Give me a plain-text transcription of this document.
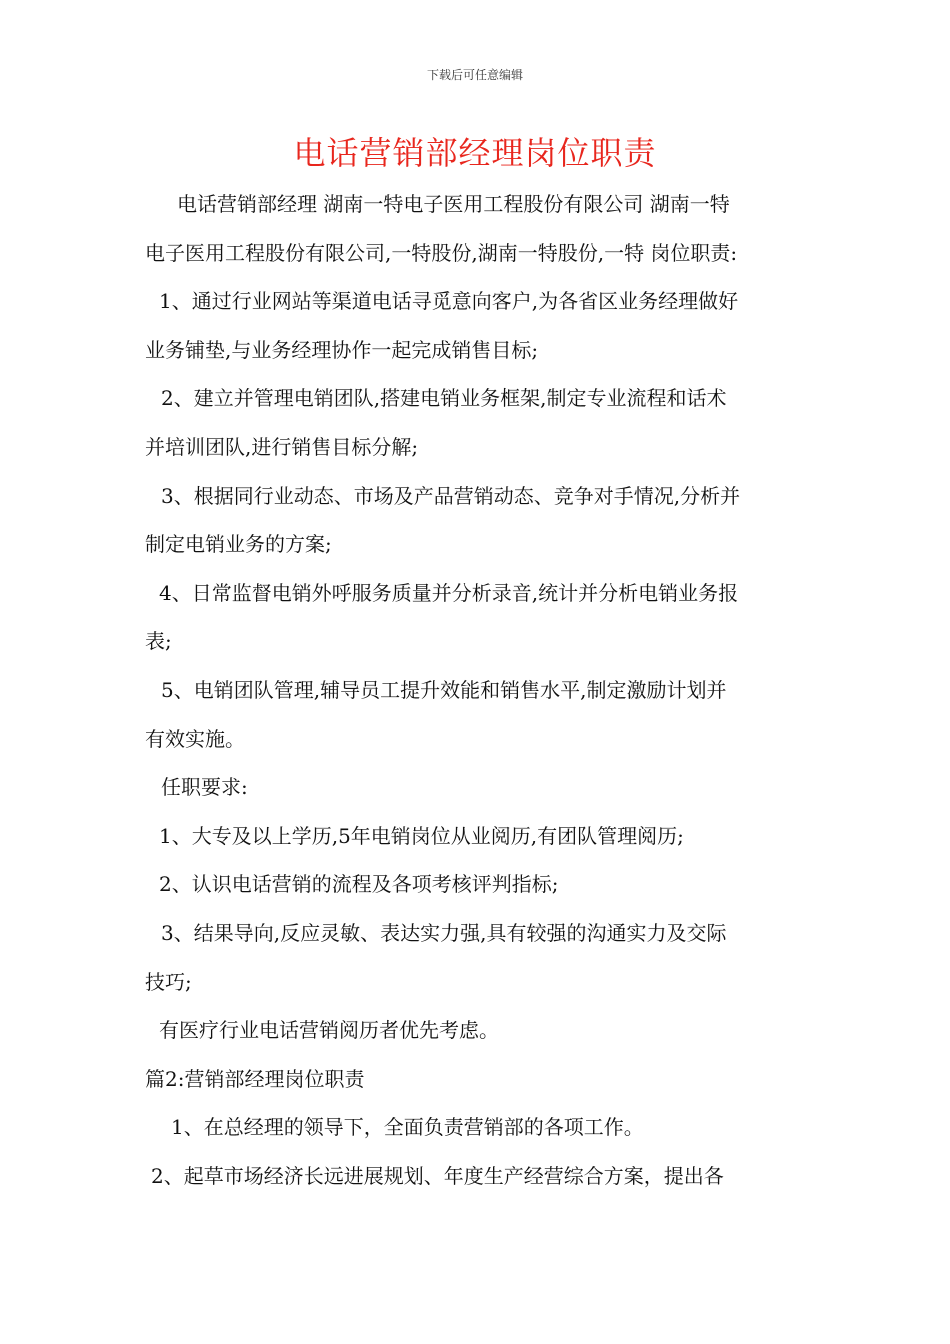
下载后可任意编辑
电话营销部经理岗位职责
电话营销部经理 湖南一特电子医用工程股份有限公司 湖南一特
电子医用工程股份有限公司,一特股份,湖南一特股份,一特 岗位职责:
1、通过行业网站等渠道电话寻觅意向客户,为各省区业务经理做好
业务铺垫,与业务经理协作一起完成销售目标;
2、建立并管理电销团队,搭建电销业务框架,制定专业流程和话术
并培训团队,进行销售目标分解;
3、根据同行业动态、市场及产品营销动态、竞争对手情况,分析并
制定电销业务的方案;
4、日常监督电销外呼服务质量并分析录音,统计并分析电销业务报
表;
5、电销团队管理,辅导员工提升效能和销售水平,制定激励计划并
有效实施。
任职要求:
1、大专及以上学历,5年电销岗位从业阅历,有团队管理阅历;
2、认识电话营销的流程及各项考核评判指标;
3、结果导向,反应灵敏、表达实力强,具有较强的沟通实力及交际
技巧;
有医疗行业电话营销阅历者优先考虑。
篇2:营销部经理岗位职责
1、在总经理的领导下，全面负责营销部的各项工作。
2、起草市场经济长远进展规划、年度生产经营综合方案，提出各
